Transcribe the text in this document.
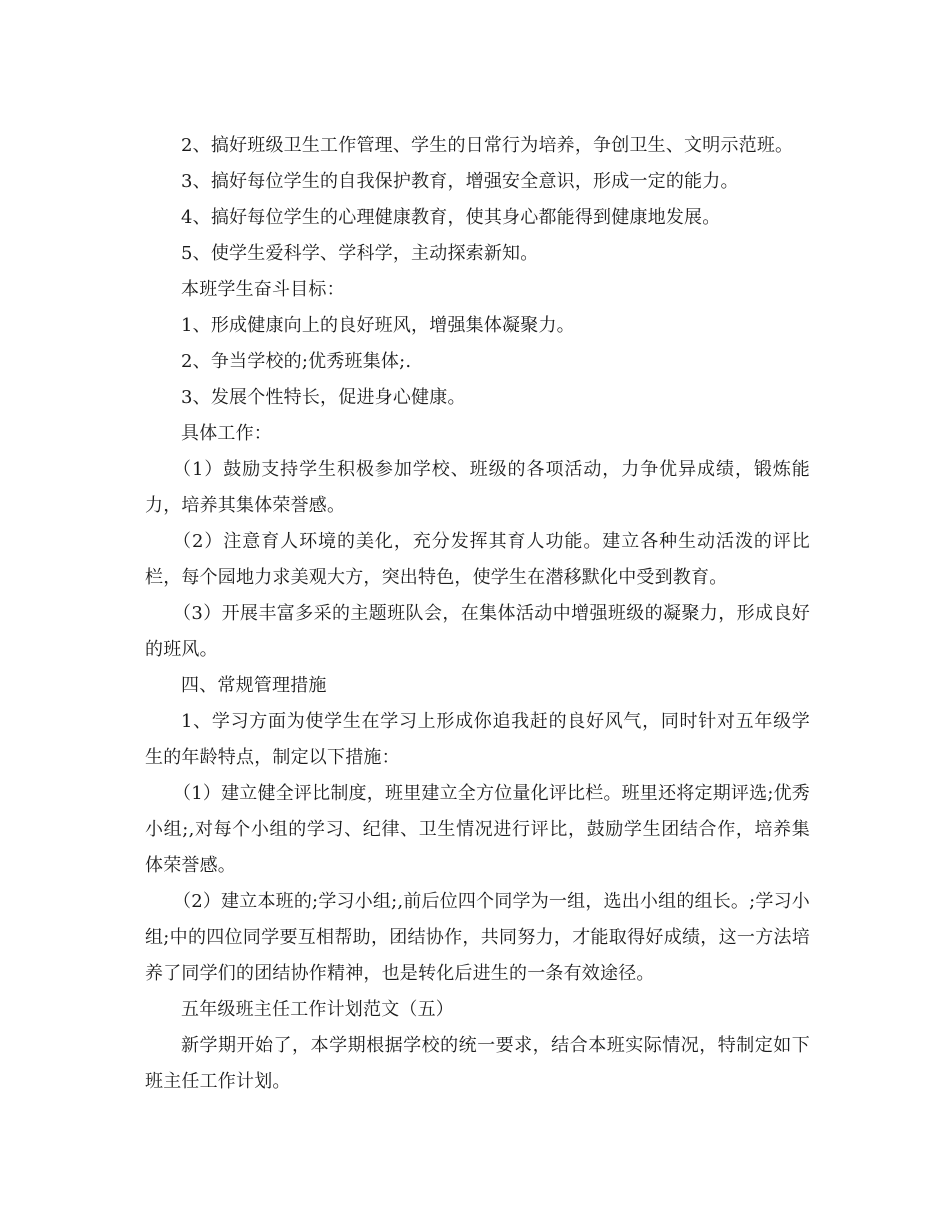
2、搞好班级卫生工作管理、学生的日常行为培养，争创卫生、文明示范班。

3、搞好每位学生的自我保护教育，增强安全意识，形成一定的能力。

4、搞好每位学生的心理健康教育，使其身心都能得到健康地发展。

5、使学生爱科学、学科学，主动探索新知。

本班学生奋斗目标：

1、形成健康向上的良好班风，增强集体凝聚力。

2、争当学校的;优秀班集体;.

3、发展个性特长，促进身心健康。

具体工作：

（1）鼓励支持学生积极参加学校、班级的各项活动，力争优异成绩，锻炼能力，培养其集体荣誉感。

（2）注意育人环境的美化，充分发挥其育人功能。建立各种生动活泼的评比栏，每个园地力求美观大方，突出特色，使学生在潜移默化中受到教育。

（3）开展丰富多采的主题班队会，在集体活动中增强班级的凝聚力，形成良好的班风。

四、常规管理措施

1、学习方面为使学生在学习上形成你追我赶的良好风气，同时针对五年级学生的年龄特点，制定以下措施：

（1）建立健全评比制度，班里建立全方位量化评比栏。班里还将定期评选;优秀小组;,对每个小组的学习、纪律、卫生情况进行评比，鼓励学生团结合作，培养集体荣誉感。

（2）建立本班的;学习小组;,前后位四个同学为一组，选出小组的组长。;学习小组;中的四位同学要互相帮助，团结协作，共同努力，才能取得好成绩，这一方法培养了同学们的团结协作精神，也是转化后进生的一条有效途径。

五年级班主任工作计划范文（五）

新学期开始了，本学期根据学校的统一要求，结合本班实际情况，特制定如下班主任工作计划。
